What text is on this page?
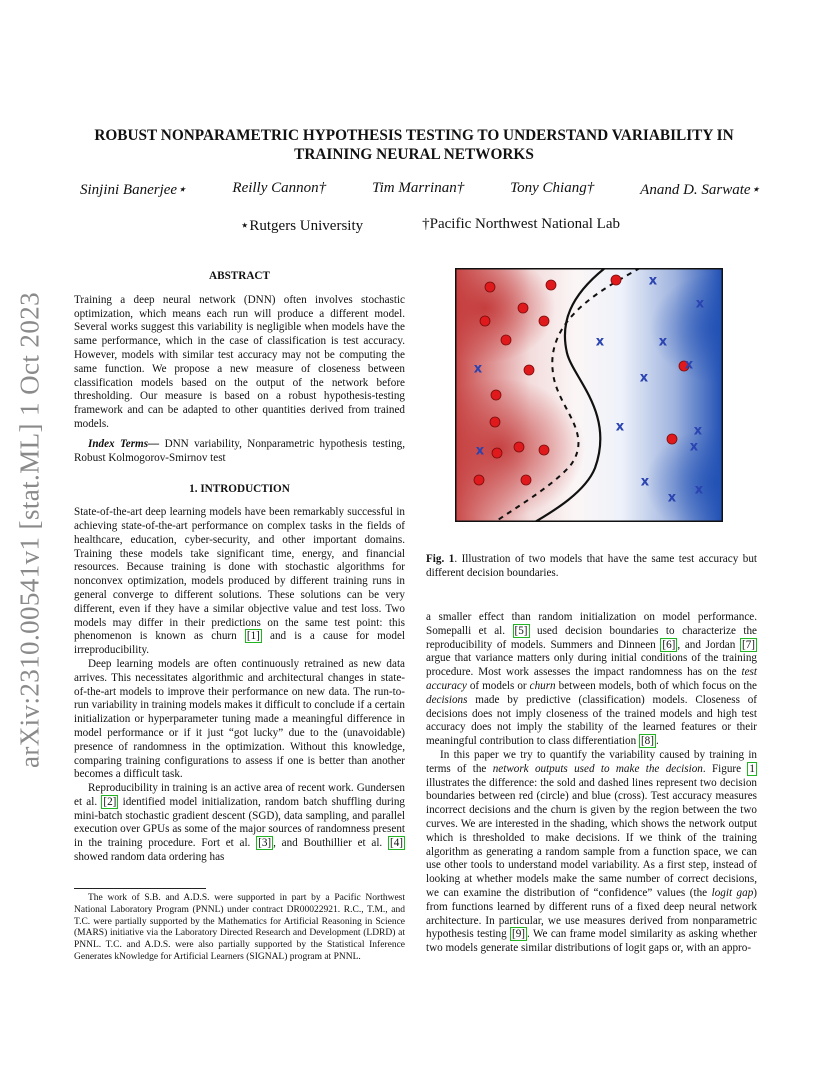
arXiv:2310.00541v1 [stat.ML] 1 Oct 2023
ROBUST NONPARAMETRIC HYPOTHESIS TESTING TO UNDERSTAND VARIABILITY IN TRAINING NEURAL NETWORKS
Sinjini Banerjee⋆	Reilly Cannon†	Tim Marrinan†	Tony Chiang†	Anand D. Sarwate⋆
⋆Rutgers University	†Pacific Northwest National Lab

ABSTRACT

Training a deep neural network (DNN) often involves stochastic optimization, which means each run will produce a different model. Several works suggest this variability is negligible when models have the same performance, which in the case of classification is test accuracy. However, models with similar test accuracy may not be computing the same function. We propose a new measure of closeness between classification models based on the output of the network before thresholding. Our measure is based on a robust hypothesis-testing framework and can be adapted to other quantities derived from trained models.

Index Terms— DNN variability, Nonparametric hypothesis testing, Robust Kolmogorov-Smirnov test

1. INTRODUCTION

State-of-the-art deep learning models have been remarkably successful in achieving state-of-the-art performance on complex tasks in the fields of healthcare, education, cyber-security, and other important domains. Training these models take significant time, energy, and financial resources. Because training is done with stochastic algorithms for nonconvex optimization, models produced by different training runs in general converge to different solutions. These solutions can be very different, even if they have a similar objective value and test loss. Two models may differ in their predictions on the same test point: this phenomenon is known as churn [1] and is a cause for model irreproducibility.

Deep learning models are often continuously retrained as new data arrives. This necessitates algorithmic and architectural changes in state-of-the-art models to improve their performance on new data. The run-to-run variability in training models makes it difficult to conclude if a certain initialization or hyperparameter tuning made a meaningful difference in model performance or if it just “got lucky” due to the (unavoidable) presence of randomness in the optimization. Without this knowledge, comparing training configurations to assess if one is better than another becomes a difficult task.

Reproducibility in training is an active area of recent work. Gundersen et al. [2] identified model initialization, random batch shuffling during mini-batch stochastic gradient descent (SGD), data sampling, and parallel execution over GPUs as some of the major sources of randomness present in the training procedure. Fort et al. [3] , and Bouthillier et al. [4] showed random data ordering has

The work of S.B. and A.D.S. were supported in part by a Pacific Northwest National Laboratory Program (PNNL) under contract DR00022921. R.C., T.M., and T.C. were partially supported by the Mathematics for Artificial Reasoning in Science (MARS) initiative via the Laboratory Directed Research and Development (LDRD) at PNNL. T.C. and A.D.S. were also partially supported by the Statistical Inference Generates kNowledge for Artificial Learners (SIGNAL) program at PNNL.
x
x
x	x
x	x
x
x	x
x	x
x
x
x

Fig. 1. Illustration of two models that have the same test accuracy but different decision boundaries.

a smaller effect than random initialization on model performance. Somepalli et al. [5] used decision boundaries to characterize the reproducibility of models. Summers and Dinneen [6] , and Jordan [7] argue that variance matters only during initial conditions of the training procedure. Most work assesses the impact randomness has on the test accuracy of models or churn between models, both of which focus on the decisions made by predictive (classification) models. Closeness of decisions does not imply closeness of the trained models and high test accuracy does not imply the stability of the learned features or their meaningful contribution to class differentiation [8] .

In this paper we try to quantify the variability caused by training in terms of the network outputs used to make the decision. Figure 1 illustrates the difference: the sold and dashed lines represent two decision boundaries between red (circle) and blue (cross). Test accuracy measures incorrect decisions and the churn is given by the region between the two curves. We are interested in the shading, which shows the network output which is thresholded to make decisions. If we think of the training algorithm as generating a random sample from a function space, we can use other tools to understand model variability. As a first step, instead of looking at whether models make the same number of correct decisions, we can examine the distribution of “confidence” values (the logit gap) from functions learned by different runs of a fixed deep neural network architecture. In particular, we use measures derived from nonparametric hypothesis testing [9] . We can frame model similarity as asking whether two models generate similar distributions of logit gaps or, with an appro-
